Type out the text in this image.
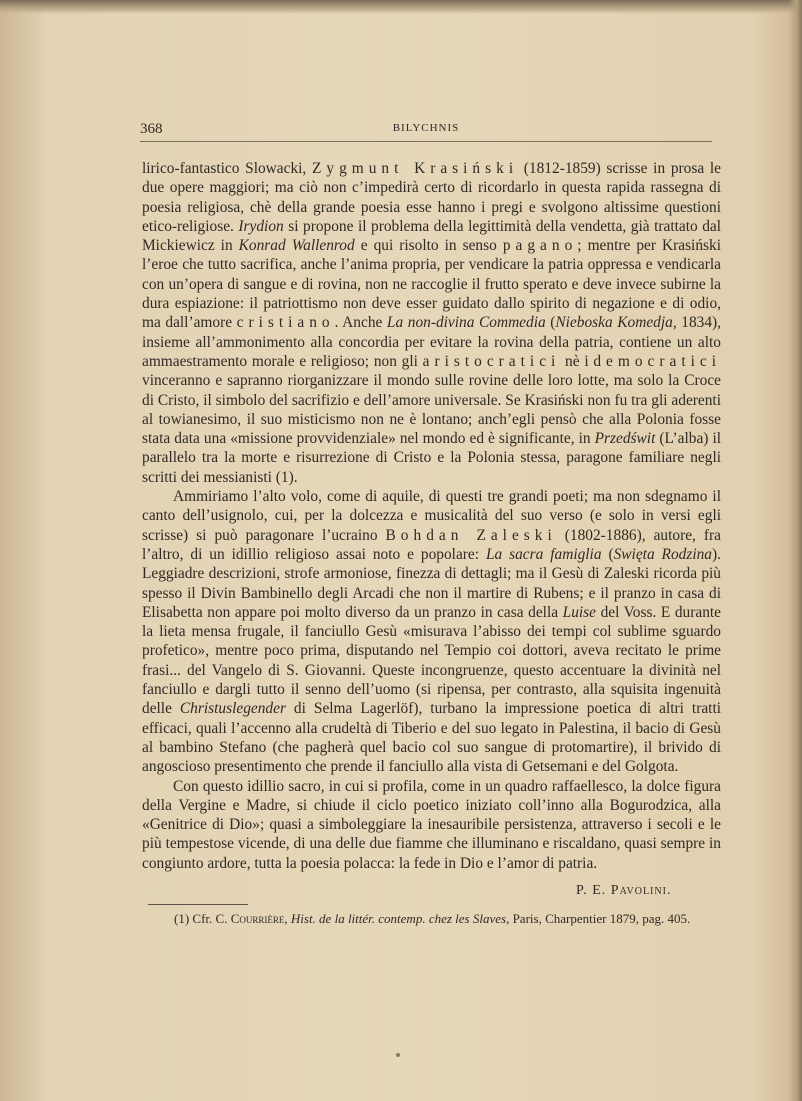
368	BILYCHNIS

lirico-fantastico Slowacki, Zygmunt Krasiński (1812-1859) scrisse in prosa le due opere maggiori; ma ciò non c’impedirà certo di ricordarlo in questa rapida rassegna di poesia religiosa, chè della grande poesia esse hanno i pregi e svolgono altissime questioni etico-religiose. Irydion si propone il problema della legittimità della vendetta, già trattato dal Mickiewicz in Konrad Wallenrod e qui risolto in senso pagano; mentre per Krasiński l’eroe che tutto sacrifica, anche l’anima propria, per vendicare la patria oppressa e vendicarla con un’opera di sangue e di rovina, non ne raccoglie il frutto sperato e deve invece subirne la dura espiazione: il patriottismo non deve esser guidato dallo spirito di negazione e di odio, ma dall’amore cristiano. Anche La non-divina Commedia (Nieboska Komedja, 1834), insieme all’ammonimento alla concordia per evitare la rovina della patria, contiene un alto ammaestramento morale e religioso; non gli aristocratici nè i democratici vinceranno e sapranno riorganizzare il mondo sulle rovine delle loro lotte, ma solo la Croce di Cristo, il simbolo del sacrifizio e dell’amore universale. Se Krasiński non fu tra gli aderenti al towianesimo, il suo misticismo non ne è lontano; anch’egli pensò che alla Polonia fosse stata data una «missione provvidenziale» nel mondo ed è significante, in Przedświt (L’alba) il parallelo tra la morte e risurrezione di Cristo e la Polonia stessa, paragone familiare negli scritti dei messianisti (1).

Ammiriamo l’alto volo, come di aquile, di questi tre grandi poeti; ma non sdegnamo il canto dell’usignolo, cui, per la dolcezza e musicalità del suo verso (e solo in versi egli scrisse) si può paragonare l’ucraino Bohdan Zaleski (1802-1886), autore, fra l’altro, di un idillio religioso assai noto e popolare: La sacra famiglia (Swięta Rodzina). Leggiadre descrizioni, strofe armoniose, finezza di dettagli; ma il Gesù di Zaleski ricorda più spesso il Divin Bambinello degli Arcadi che non il martire di Rubens; e il pranzo in casa di Elisabetta non appare poi molto diverso da un pranzo in casa della Luise del Voss. E durante la lieta mensa frugale, il fanciullo Gesù «misurava l’abisso dei tempi col sublime sguardo profetico», mentre poco prima, disputando nel Tempio coi dottori, aveva recitato le prime frasi... del Vangelo di S. Giovanni. Queste incongruenze, questo accentuare la divinità nel fanciullo e dargli tutto il senno dell’uomo (si ripensa, per contrasto, alla squisita ingenuità delle Christuslegender di Selma Lagerlöf), turbano la impressione poetica di altri tratti efficaci, quali l’accenno alla crudeltà di Tiberio e del suo legato in Palestina, il bacio di Gesù al bambino Stefano (che pagherà quel bacio col suo sangue di protomartire), il brivido di angoscioso presentimento che prende il fanciullo alla vista di Getsemani e del Golgota.

Con questo idillio sacro, in cui si profila, come in un quadro raffaellesco, la dolce figura della Vergine e Madre, si chiude il ciclo poetico iniziato coll’inno alla Bogurodzica, alla «Genitrice di Dio»; quasi a simboleggiare la inesauribile persistenza, attraverso i secoli e le più tempestose vicende, di una delle due fiamme che illuminano e riscaldano, quasi sempre in congiunto ardore, tutta la poesia polacca: la fede in Dio e l’amor di patria.

P. E. Pavolini.
(1) Cfr. C. Courrière, Hist. de la littér. contemp. chez les Slaves, Paris, Charpentier 1879, pag. 405.
